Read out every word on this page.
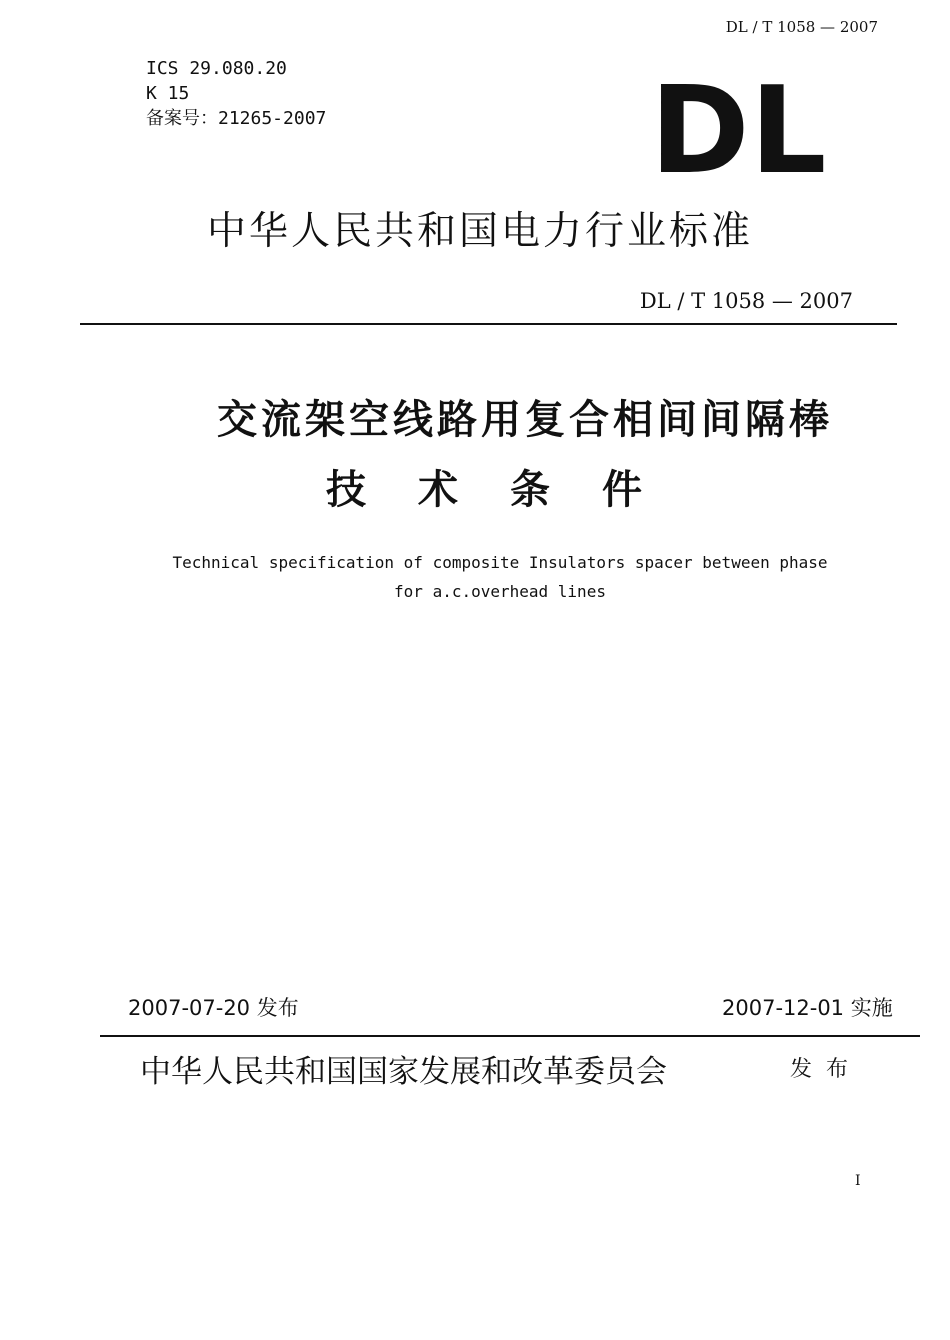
DL / T 1058 — 2007
ICS 29.080.20
K 15
备案号：21265-2007	D L
中华人民共和国电力行业标准
DL / T 1058 — 2007
交流架空线路用复合相间间隔棒
技术条件
Technical specification of composite Insulators spacer between phase
for a.c.overhead lines
2007-07-20 发布	2007-12-01 实施
中华人民共和国国家发展和改革委员会	发布
I
